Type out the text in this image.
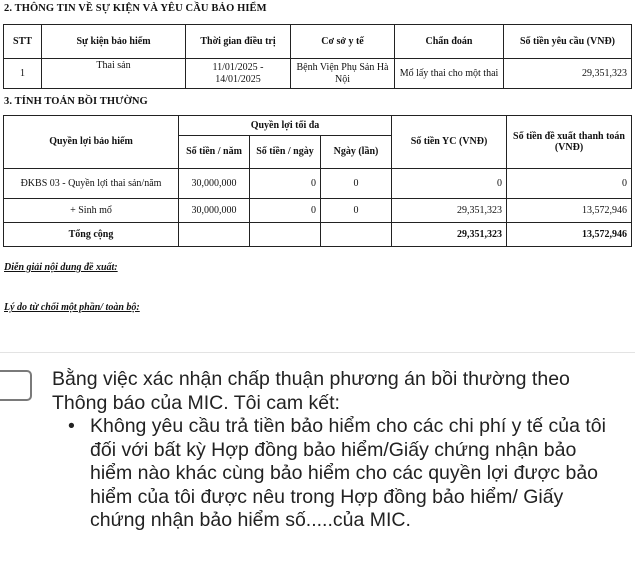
2. THÔNG TIN VỀ SỰ KIỆN VÀ YÊU CẦU BẢO HIỂM
STT	Sự kiện bảo hiểm	Thời gian điều trị	Cơ sở y tế	Chẩn đoán	Số tiền yêu cầu (VNĐ)
1	Thai sản	11/01/2025 - 14/01/2025	Bệnh Viện Phụ Sản Hà Nội	Mổ lấy thai cho một thai	29,351,323
3. TÍNH TOÁN BỒI THƯỜNG
Quyền lợi bảo hiểm	Quyền lợi tối đa			Số tiền YC (VNĐ)	Số tiền đề xuất thanh toán (VNĐ)
	Số tiền / năm	Số tiền / ngày	Ngày (lần)		
ĐKBS 03 - Quyền lợi thai sản/năm	30,000,000	0	0	0	0
+ Sinh mổ	30,000,000	0	0	29,351,323	13,572,946
Tổng cộng				29,351,323	13,572,946
Diễn giải nội dung đề xuất:
Lý do từ chối một phần/ toàn bộ:
Bằng việc xác nhận chấp thuận phương án bồi thường theo Thông báo của MIC. Tôi cam kết:
• Không yêu cầu trả tiền bảo hiểm cho các chi phí y tế của tôi đối với bất kỳ Hợp đồng bảo hiểm/Giấy chứng nhận bảo hiểm nào khác cùng bảo hiểm cho các quyền lợi được bảo hiểm của tôi được nêu trong Hợp đồng bảo hiểm/ Giấy chứng nhận bảo hiểm số.....của MIC.
